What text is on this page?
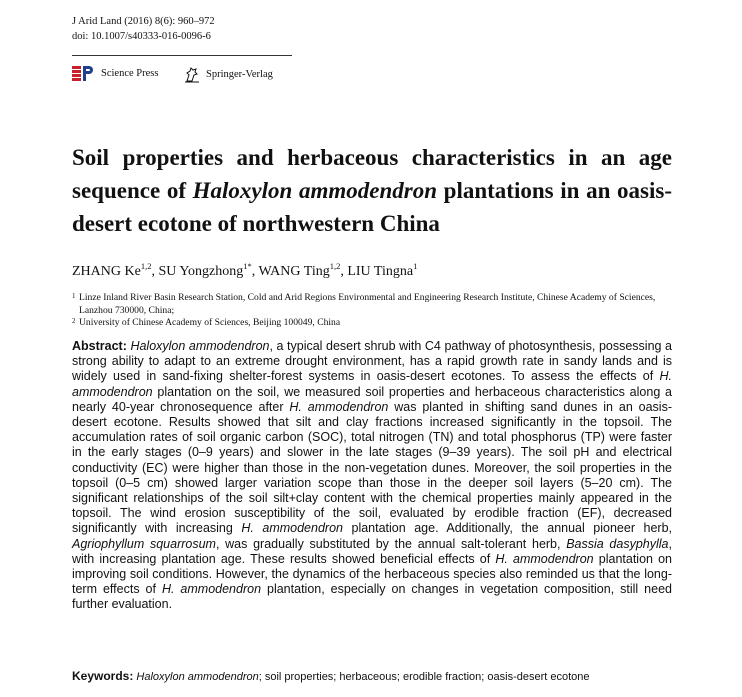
J Arid Land (2016) 8(6): 960–972
doi: 10.1007/s40333-016-0096-6
Science Press	Springer-Verlag
Soil properties and herbaceous characteristics in an age sequence of Haloxylon ammodendron plantations in an oasis-desert ecotone of northwestern China
ZHANG Ke$^{1,2}$, SU Yongzhong$^{1*}$, WANG Ting$^{1,2}$, LIU Tingna$^1$
1 Linze Inland River Basin Research Station, Cold and Arid Regions Environmental and Engineering Research Institute, Chinese Academy of Sciences, Lanzhou 730000, China;
2 University of Chinese Academy of Sciences, Beijing 100049, China
Abstract: Haloxylon ammodendron, a typical desert shrub with C4 pathway of photosynthesis, possessing a strong ability to adapt to an extreme drought environment, has a rapid growth rate in sandy lands and is widely used in sand-fixing shelter-forest systems in oasis-desert ecotones. To assess the effects of H. ammodendron plantation on the soil, we measured soil properties and herbaceous characteristics along a nearly 40-year chronosequence after H. ammodendron was planted in shifting sand dunes in an oasis-desert ecotone. Results showed that silt and clay fractions increased significantly in the topsoil. The accumulation rates of soil organic carbon (SOC), total nitrogen (TN) and total phosphorus (TP) were faster in the early stages (0–9 years) and slower in the late stages (9–39 years). The soil pH and electrical conductivity (EC) were higher than those in the non-vegetation dunes. Moreover, the soil properties in the topsoil (0–5 cm) showed larger variation scope than those in the deeper soil layers (5–20 cm). The significant relationships of the soil silt+clay content with the chemical properties mainly appeared in the topsoil. The wind erosion susceptibility of the soil, evaluated by erodible fraction (EF), decreased significantly with increasing H. ammodendron plantation age. Additionally, the annual pioneer herb, Agriophyllum squarrosum, was gradually substituted by the annual salt-tolerant herb, Bassia dasyphylla, with increasing plantation age. These results showed beneficial effects of H. ammodendron plantation on improving soil conditions. However, the dynamics of the herbaceous species also reminded us that the long-term effects of H. ammodendron plantation, especially on changes in vegetation composition, still need further evaluation.
Keywords: Haloxylon ammodendron; soil properties; herbaceous; erodible fraction; oasis-desert ecotone
